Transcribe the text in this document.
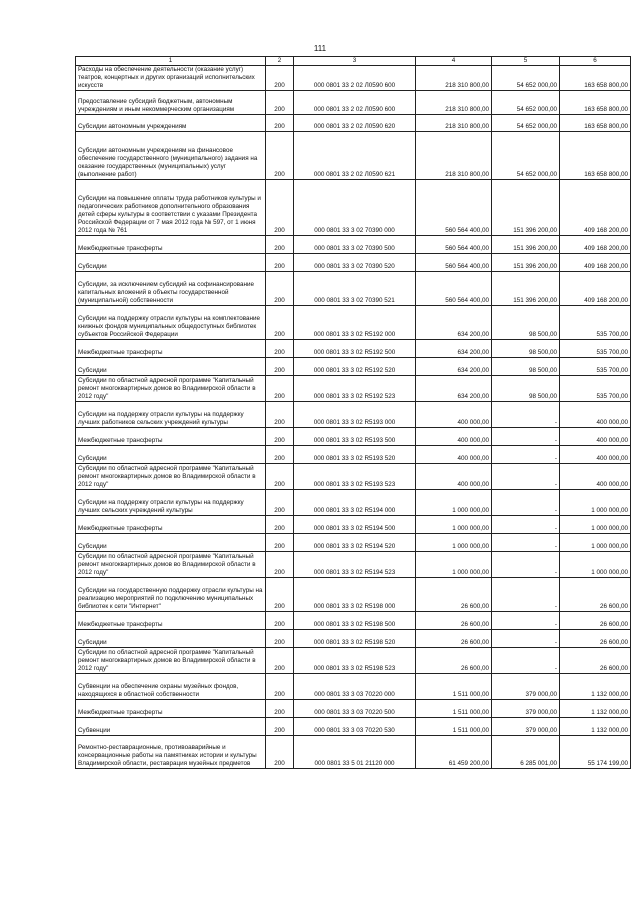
111
1	2	3	4	5	6
Расходы на обеспечение деятельности (оказание услуг) театров, концертных и других организаций исполнительских искусств	200	000 0801 33 2 02 Л0590 600	218 310 800,00	54 652 000,00	163 658 800,00
Предоставление субсидий бюджетным, автономным учреждениям и иным некоммерческим организациям	200	000 0801 33 2 02 Л0590 600	218 310 800,00	54 652 000,00	163 658 800,00
Субсидии автономным учреждениям	200	000 0801 33 2 02 Л0590 620	218 310 800,00	54 652 000,00	163 658 800,00
Субсидии автономным учреждениям на финансовое обеспечение государственного (муниципального) задания на оказание государственных (муниципальных) услуг (выполнение работ)	200	000 0801 33 2 02 Л0590 621	218 310 800,00	54 652 000,00	163 658 800,00
Субсидии на повышение оплаты труда работников культуры и педагогических работников дополнительного образования детей сферы культуры в соответствии с указами Президента Российской Федерации от 7 мая 2012 года № 597, от 1 июня 2012 года № 761	200	000 0801 33 3 02 70390 000	560 564 400,00	151 396 200,00	409 168 200,00
Межбюджетные трансферты	200	000 0801 33 3 02 70390 500	560 564 400,00	151 396 200,00	409 168 200,00
Субсидии	200	000 0801 33 3 02 70390 520	560 564 400,00	151 396 200,00	409 168 200,00
Субсидии, за исключением субсидий на софинансирование капитальных вложений в объекты государственной (муниципальной) собственности	200	000 0801 33 3 02 70390 521	560 564 400,00	151 396 200,00	409 168 200,00
Субсидии на поддержку отрасли культуры на комплектование книжных фондов муниципальных общедоступных библиотек субъектов Российской Федерации	200	000 0801 33 3 02 R5192 000	634 200,00	98 500,00	535 700,00
Межбюджетные трансферты	200	000 0801 33 3 02 R5192 500	634 200,00	98 500,00	535 700,00
Субсидии	200	000 0801 33 3 02 R5192 520	634 200,00	98 500,00	535 700,00
Субсидии по областной адресной программе "Капитальный ремонт многоквартирных домов во Владимирской области в 2012 году"	200	000 0801 33 3 02 R5192 523	634 200,00	98 500,00	535 700,00
Субсидии на поддержку отрасли культуры на поддержку лучших работников сельских учреждений культуры	200	000 0801 33 3 02 R5193 000	400 000,00	-	400 000,00
Межбюджетные трансферты	200	000 0801 33 3 02 R5193 500	400 000,00	-	400 000,00
Субсидии	200	000 0801 33 3 02 R5193 520	400 000,00	-	400 000,00
Субсидии по областной адресной программе "Капитальный ремонт многоквартирных домов во Владимирской области в 2012 году"	200	000 0801 33 3 02 R5193 523	400 000,00	-	400 000,00
Субсидии на поддержку отрасли культуры на поддержку лучших сельских учреждений культуры	200	000 0801 33 3 02 R5194 000	1 000 000,00	-	1 000 000,00
Межбюджетные трансферты	200	000 0801 33 3 02 R5194 500	1 000 000,00	-	1 000 000,00
Субсидии	200	000 0801 33 3 02 R5194 520	1 000 000,00	-	1 000 000,00
Субсидии по областной адресной программе "Капитальный ремонт многоквартирных домов во Владимирской области в 2012 году"	200	000 0801 33 3 02 R5194 523	1 000 000,00	-	1 000 000,00
Субсидии на государственную поддержку отрасли культуры на реализацию мероприятий по подключению муниципальных библиотек к сети "Интернет"	200	000 0801 33 3 02 R5198 000	26 600,00	-	26 600,00
Межбюджетные трансферты	200	000 0801 33 3 02 R5198 500	26 600,00	-	26 600,00
Субсидии	200	000 0801 33 3 02 R5198 520	26 600,00	-	26 600,00
Субсидии по областной адресной программе "Капитальный ремонт многоквартирных домов во Владимирской области в 2012 году"	200	000 0801 33 3 02 R5198 523	26 600,00	-	26 600,00
Субвенции на обеспечение охраны музейных фондов, находящихся в областной собственности	200	000 0801 33 3 03 70220 000	1 511 000,00	379 000,00	1 132 000,00
Межбюджетные трансферты	200	000 0801 33 3 03 70220 500	1 511 000,00	379 000,00	1 132 000,00
Субвенции	200	000 0801 33 3 03 70220 530	1 511 000,00	379 000,00	1 132 000,00
Ремонтно-реставрационные, противоаварийные и консервационные работы на памятниках истории и культуры Владимирской области, реставрация музейных предметов	200	000 0801 33 5 01 21120 000	61 459 200,00	6 285 001,00	55 174 199,00
